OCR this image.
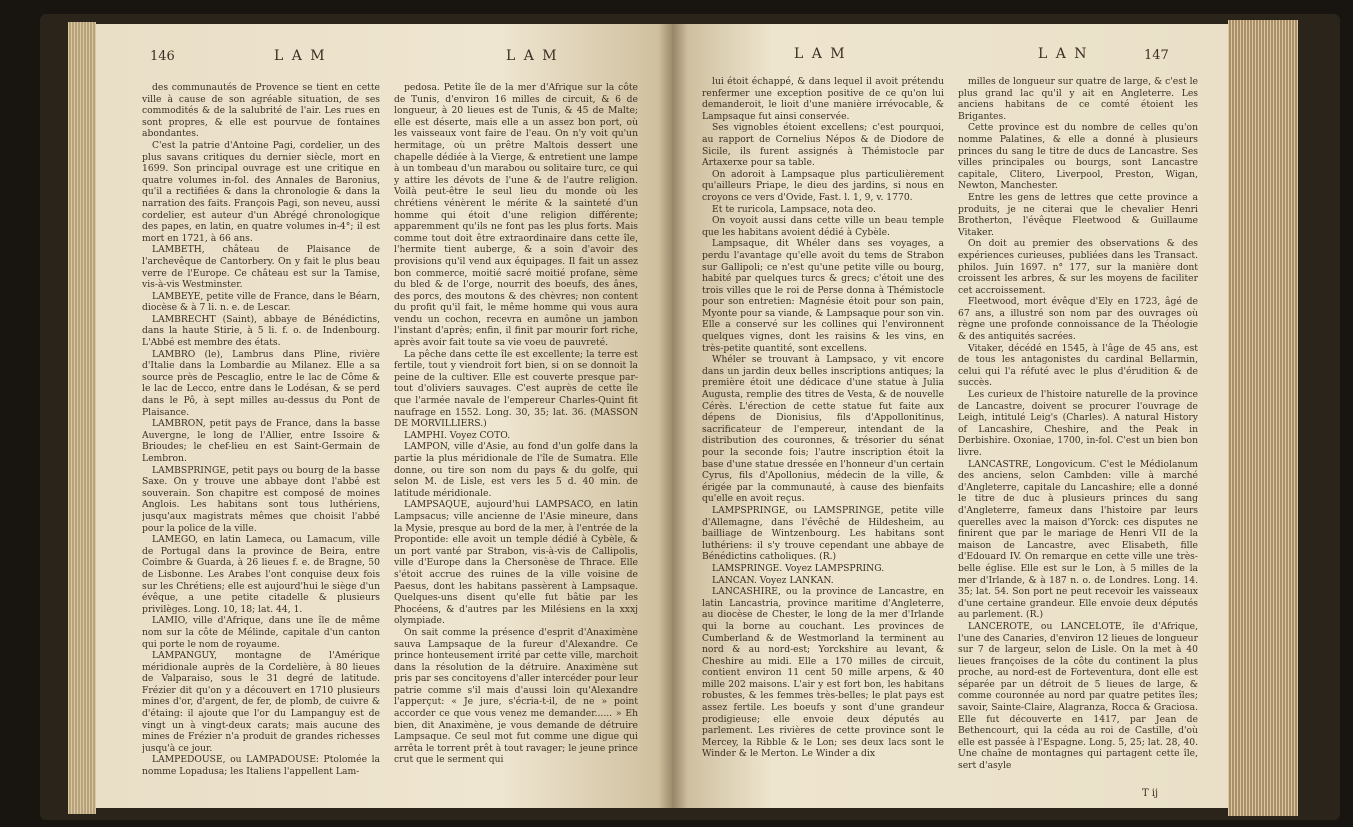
146	L A M	L A M

des communautés de Provence se tient en cette ville à cause de son agréable situation, de ses commodités & de la salubrité de l'air. Les rues en sont propres, & elle est pourvue de fontaines abondantes.

C'est la patrie d'Antoine Pagi, cordelier, un des plus savans critiques du dernier siècle, mort en 1699. Son principal ouvrage est une critique en quatre volumes in-fol. des Annales de Baronius, qu'il a rectifiées & dans la chronologie & dans la narration des faits. François Pagi, son neveu, aussi cordelier, est auteur d'un Abrégé chronologique des papes, en latin, en quatre volumes in-4°; il est mort en 1721, à 66 ans.

LAMBETH, château de Plaisance de l'archevêque de Cantorbery. On y fait le plus beau verre de l'Europe. Ce château est sur la Tamise, vis-à-vis Westminster.

LAMBEYE, petite ville de France, dans le Béarn, diocèse & à 7 li. n. e. de Lescar.

LAMBRECHT (Saint), abbaye de Bénédictins, dans la haute Stirie, à 5 li. f. o. de Indenbourg. L'Abbé est membre des états.

LAMBRO (le), Lambrus dans Pline, rivière d'Italie dans la Lombardie au Milanez. Elle a sa source près de Pescaglio, entre le lac de Côme & le lac de Lecco, entre dans le Lodésan, & se perd dans le Pô, à sept milles au-dessus du Pont de Plaisance.

LAMBRON, petit pays de France, dans la basse Auvergne, le long de l'Allier, entre Issoire & Brioudes; le chef-lieu en est Saint-Germain de Lembron.

LAMBSPRINGE, petit pays ou bourg de la basse Saxe. On y trouve une abbaye dont l'abbé est souverain. Son chapitre est composé de moines Anglois. Les habitans sont tous luthériens, jusqu'aux magistrats mêmes que choisit l'abbé pour la police de la ville.

LAMEGO, en latin Lameca, ou Lamacum, ville de Portugal dans la province de Beira, entre Coimbre & Guarda, à 26 lieues f. e. de Bragne, 50 de Lisbonne. Les Arabes l'ont conquise deux fois sur les Chrétiens; elle est aujourd'hui le siège d'un évêque, a une petite citadelle & plusieurs privilèges. Long. 10, 18; lat. 44, 1.

LAMIO, ville d'Afrique, dans une île de même nom sur la côte de Mélinde, capitale d'un canton qui porte le nom de royaume.

LAMPANGUY, montagne de l'Amérique méridionale auprès de la Cordelière, à 80 lieues de Valparaiso, sous le 31 degré de latitude. Frézier dit qu'on y a découvert en 1710 plusieurs mines d'or, d'argent, de fer, de plomb, de cuivre & d'étaing: il ajoute que l'or du Lampanguy est de vingt un à vingt-deux carats; mais aucune des mines de Frézier n'a produit de grandes richesses jusqu'à ce jour.

LAMPEDOUSE, ou LAMPADOUSE: Ptolomée la nomme Lopadusa; les Italiens l'appellent Lam-

pedosa. Petite île de la mer d'Afrique sur la côte de Tunis, d'environ 16 milles de circuit, & 6 de longueur, à 20 lieues est de Tunis, & 45 de Malte; elle est déserte, mais elle a un assez bon port, où les vaisseaux vont faire de l'eau. On n'y voit qu'un hermitage, où un prêtre Maltois dessert une chapelle dédiée à la Vierge, & entretient une lampe à un tombeau d'un marabou ou solitaire turc, ce qui y attire les dévots de l'une & de l'autre religion. Voilà peut-être le seul lieu du monde où les chrétiens vénèrent le mérite & la sainteté d'un homme qui étoit d'une religion différente; apparemment qu'ils ne font pas les plus forts. Mais comme tout doit être extraordinaire dans cette île, l'hermite tient auberge, & a soin d'avoir des provisions qu'il vend aux équipages. Il fait un assez bon commerce, moitié sacré moitié profane, sème du bled & de l'orge, nourrit des boeufs, des ânes, des porcs, des moutons & des chèvres; non content du profit qu'il fait, le même homme qui vous aura vendu un cochon, recevra en aumône un jambon l'instant d'après; enfin, il finit par mourir fort riche, après avoir fait toute sa vie voeu de pauvreté.

La pêche dans cette île est excellente; la terre est fertile, tout y viendroit fort bien, si on se donnoit la peine de la cultiver. Elle est couverte presque par-tout d'oliviers sauvages. C'est auprès de cette île que l'armée navale de l'empereur Charles-Quint fit naufrage en 1552. Long. 30, 35; lat. 36. (MASSON DE MORVILLIERS.)

LAMPHI. Voyez COTO.

LAMPON, ville d'Asie, au fond d'un golfe dans la partie la plus méridionale de l'île de Sumatra. Elle donne, ou tire son nom du pays & du golfe, qui selon M. de Lisle, est vers les 5 d. 40 min. de latitude méridionale.

LAMPSAQUE, aujourd'hui LAMPSACO, en latin Lampsacus; ville ancienne de l'Asie mineure, dans la Mysie, presque au bord de la mer, à l'entrée de la Propontide: elle avoit un temple dédié à Cybèle, & un port vanté par Strabon, vis-à-vis de Callipolis, ville d'Europe dans la Chersonèse de Thrace. Elle s'étoit accrue des ruines de la ville voisine de Paesus, dont les habitans passèrent à Lampsaque. Quelques-uns disent qu'elle fut bâtie par les Phocéens, & d'autres par les Milésiens en la xxxj olympiade.

On sait comme la présence d'esprit d'Anaximène sauva Lampsaque de la fureur d'Alexandre. Ce prince honteusement irrité par cette ville, marchoit dans la résolution de la détruire. Anaximène sut pris par ses concitoyens d'aller intercéder pour leur patrie comme s'il mais d'aussi loin qu'Alexandre l'apperçut: « Je jure, s'écria-t-il, de ne » point accorder ce que vous venez me demander...... » Eh bien, dit Anaximène, je vous demande de détruire Lampsaque. Ce seul mot fut comme une digue qui arrêta le torrent prêt à tout ravager; le jeune prince crut que le serment qui

L A M	L A N	147

lui étoit échappé, & dans lequel il avoit prétendu renfermer une exception positive de ce qu'on lui demanderoit, le lioit d'une manière irrévocable, & Lampsaque fut ainsi conservée.

Ses vignobles étoient excellens; c'est pourquoi, au rapport de Cornelius Népos & de Diodore de Sicile, ils furent assignés à Thémistocle par Artaxerxe pour sa table.

On adoroit à Lampsaque plus particulièrement qu'ailleurs Priape, le dieu des jardins, si nous en croyons ce vers d'Ovide, Fast. l. 1, 9, v. 1770.

Et te ruricola, Lampsace, nota deo.

On voyoit aussi dans cette ville un beau temple que les habitans avoient dédié à Cybèle.

Lampsaque, dit Whéler dans ses voyages, a perdu l'avantage qu'elle avoit du tems de Strabon sur Gallipoli; ce n'est qu'une petite ville ou bourg, habité par quelques turcs & grecs; c'étoit une des trois villes que le roi de Perse donna à Thémistocle pour son entretien: Magnésie étoit pour son pain, Myonte pour sa viande, & Lampsaque pour son vin. Elle a conservé sur les collines qui l'environnent quelques vignes, dont les raisins & les vins, en très-petite quantité, sont excellens.

Whéler se trouvant à Lampsaco, y vit encore dans un jardin deux belles inscriptions antiques; la première étoit une dédicace d'une statue à Julia Augusta, remplie des titres de Vesta, & de nouvelle Cérès. L'érection de cette statue fut faite aux dépens de Dionisius, fils d'Appollonitinus, sacrificateur de l'empereur, intendant de la distribution des couronnes, & trésorier du sénat pour la seconde fois; l'autre inscription étoit la base d'une statue dressée en l'honneur d'un certain Cyrus, fils d'Apollonius, médecin de la ville, & érigée par la communauté, à cause des bienfaits qu'elle en avoit reçus.

LAMPSPRINGE, ou LAMSPRINGE, petite ville d'Allemagne, dans l'évêché de Hildesheim, au bailliage de Wintzenbourg. Les habitans sont luthériens: il s'y trouve cependant une abbaye de Bénédictins catholiques. (R.)

LAMSPRINGE. Voyez LAMPSPRING.

LANCAN. Voyez LANKAN.

LANCASHIRE, ou la province de Lancastre, en latin Lancastria, province maritime d'Angleterre, au diocèse de Chester, le long de la mer d'Irlande qui la borne au couchant. Les provinces de Cumberland & de Westmorland la terminent au nord & au nord-est; Yorckshire au levant, & Cheshire au midi. Elle a 170 milles de circuit, contient environ 11 cent 50 mille arpens, & 40 mille 202 maisons. L'air y est fort bon, les habitans robustes, & les femmes très-belles; le plat pays est assez fertile. Les boeufs y sont d'une grandeur prodigieuse; elle envoie deux députés au parlement. Les rivières de cette province sont le Mercey, la Ribble & le Lon; ses deux lacs sont le Winder & le Merton. Le Winder a dix

milles de longueur sur quatre de large, & c'est le plus grand lac qu'il y ait en Angleterre. Les anciens habitans de ce comté étoient les Brigantes.

Cette province est du nombre de celles qu'on nomme Palatines, & elle a donné à plusieurs princes du sang le titre de ducs de Lancastre. Ses villes principales ou bourgs, sont Lancastre capitale, Clitero, Liverpool, Preston, Wigan, Newton, Manchester.

Entre les gens de lettres que cette province a produits, je ne citerai que le chevalier Henri Brotherton, l'évêque Fleetwood & Guillaume Vitaker.

On doit au premier des observations & des expériences curieuses, publiées dans les Transact. philos. Juin 1697. n° 177, sur la manière dont croissent les arbres, & sur les moyens de faciliter cet accroissement.

Fleetwood, mort évêque d'Ely en 1723, âgé de 67 ans, a illustré son nom par des ouvrages où règne une profonde connoissance de la Théologie & des antiquités sacrées.

Vitaker, décédé en 1545, à l'âge de 45 ans, est de tous les antagonistes du cardinal Bellarmin, celui qui l'a réfuté avec le plus d'érudition & de succès.

Les curieux de l'histoire naturelle de la province de Lancastre, doivent se procurer l'ouvrage de Leigh, intitulé Leig's (Charles). A natural History of Lancashire, Cheshire, and the Peak in Derbishire. Oxoniae, 1700, in-fol. C'est un bien bon livre.

LANCASTRE, Longovicum. C'est le Médiolanum des anciens, selon Cambden: ville à marché d'Angleterre, capitale du Lancashire; elle a donné le titre de duc à plusieurs princes du sang d'Angleterre, fameux dans l'histoire par leurs querelles avec la maison d'Yorck: ces disputes ne finirent que par le mariage de Henri VII de la maison de Lancastre, avec Elisabeth, fille d'Edouard IV. On remarque en cette ville une très-belle église. Elle est sur le Lon, à 5 milles de la mer d'Irlande, & à 187 n. o. de Londres. Long. 14. 35; lat. 54. Son port ne peut recevoir les vaisseaux d'une certaine grandeur. Elle envoie deux députés au parlement. (R.)

LANCEROTE, ou LANCELOTE, île d'Afrique, l'une des Canaries, d'environ 12 lieues de longueur sur 7 de largeur, selon de Lisle. On la met à 40 lieues françoises de la côte du continent la plus proche, au nord-est de Forteventura, dont elle est séparée par un détroit de 5 lieues de large, & comme couronnée au nord par quatre petites îles; savoir, Sainte-Claire, Alagranza, Rocca & Graciosa. Elle fut découverte en 1417, par Jean de Bethencourt, qui la céda au roi de Castille, d'où elle est passée à l'Espagne. Long. 5, 25; lat. 28, 40. Une chaîne de montagnes qui partagent cette île, sert d'asyle

T ij
